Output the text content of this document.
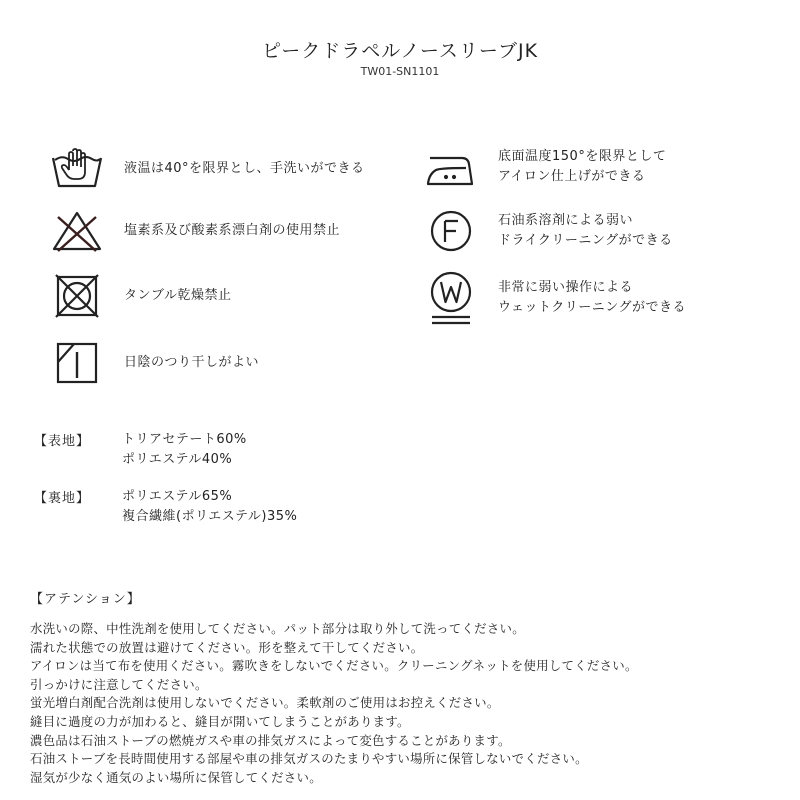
ピークドラペルノースリーブJK
TW01-SN1101
液温は40°を限界とし、手洗いができる
塩素系及び酸素系漂白剤の使用禁止
タンブル乾燥禁止
日陰のつり干しがよい
底面温度150°を限界として
アイロン仕上げができる
石油系溶剤による弱い
ドライクリーニングができる
非常に弱い操作による
ウェットクリーニングができる
【表地】 トリアセテート60%
ポリエステル40%
【裏地】 ポリエステル65%
複合繊維(ポリエステル)35%
【アテンション】
水洗いの際、中性洗剤を使用してください。パット部分は取り外して洗ってください。
濡れた状態での放置は避けてください。形を整えて干してください。
アイロンは当て布を使用ください。霧吹きをしないでください。クリーニングネットを使用してください。
引っかけに注意してください。
蛍光増白剤配合洗剤は使用しないでください。柔軟剤のご使用はお控えください。
縫目に過度の力が加わると、縫目が開いてしまうことがあります。
濃色品は石油ストーブの燃焼ガスや車の排気ガスによって変色することがあります。
石油ストーブを長時間使用する部屋や車の排気ガスのたまりやすい場所に保管しないでください。
湿気が少なく通気のよい場所に保管してください。
